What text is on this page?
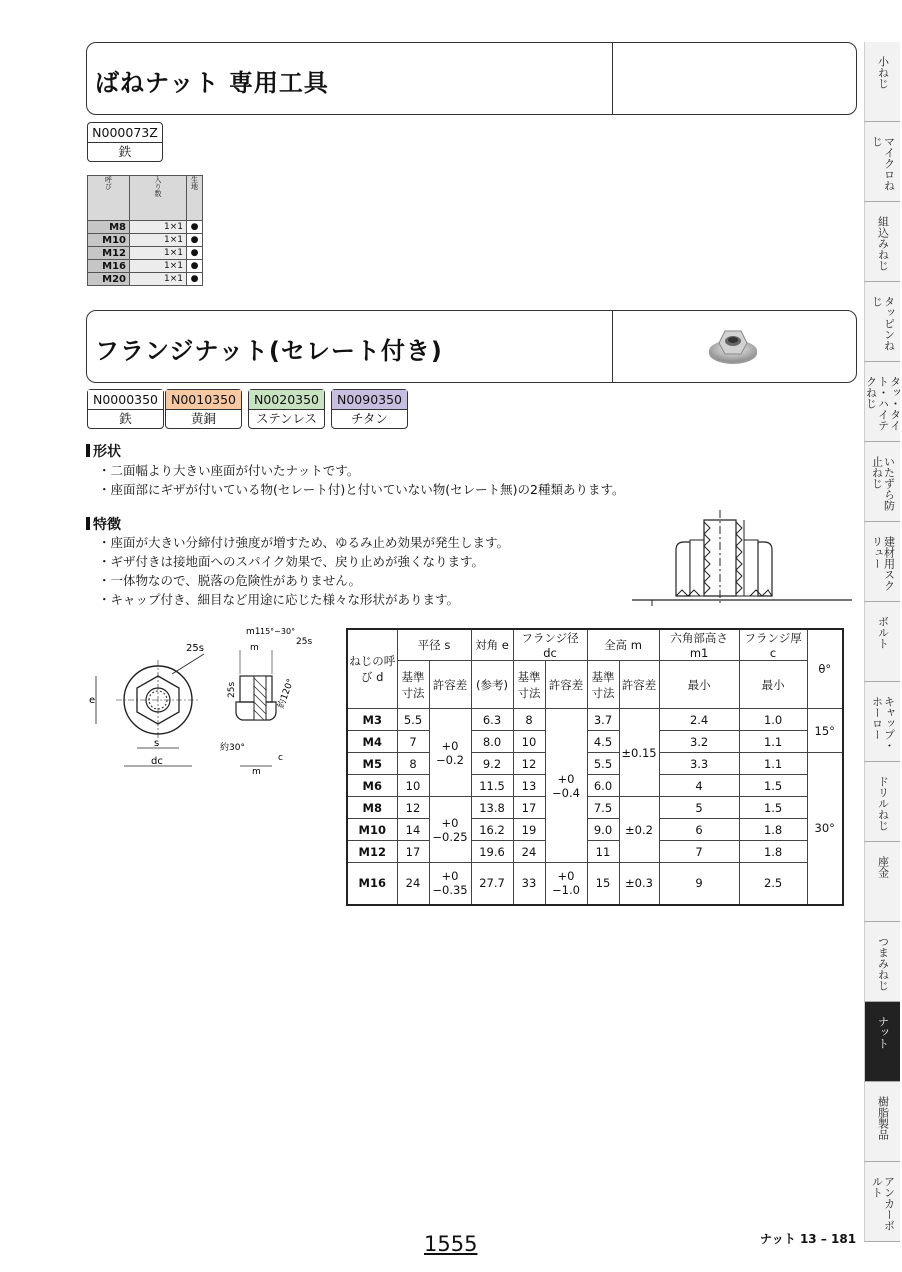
小ねじ
マイクロねじ
組込みねじ
タッピンねじ
タッ・タイト・ハイテクねじ
いたずら防止ねじ
建材用スクリュー
ボルト
キャップ・ホーロー
ドリルねじ
座金
つまみねじ
ナット
樹脂製品
アンカーボルト
ばねナット 専用工具
N000073Z
鉄
呼び	入り数	生地
M8	1×1	●
M10	1×1	●
M12	1×1	●
M16	1×1	●
M20	1×1	●
フランジナット(セレート付き)
N0000350
鉄
N0010350
黄銅
N0020350
ステンレス
N0090350
チタン
形状
・二面幅より大きい座面が付いたナットです。
・座面部にギザが付いている物(セレート付)と付いていない物(セレート無)の2種類あります。
特徴
・座面が大きい分締付け強度が増すため、ゆるみ止め効果が発生します。
・ギザ付きは接地面へのスパイク効果で、戻り止めが強くなります。
・一体物なので、脱落の危険性がありません。
・キャップ付き、細目など用途に応じた様々な形状があります。
e
s
dc
25s
m1 15°~30°
m
25s
25s	約120°
約30°
m
c
ねじの呼び d	平径 s		対角 e	フランジ径 dc		全高 m		六角部高さ m1	フランジ厚 c	θ°
	基準寸法	許容差	(参考)	基準寸法	許容差	基準寸法	許容差	最小	最小	
M3	5.5	+0
−0.2	6.3	8	+0
−0.4	3.7	±0.15	2.4	1.0	15°
M4	7		8.0	10		4.5		3.2	1.1	
M5	8		9.2	12		5.5		3.3	1.1	30°
M6	10		11.5	13		6.0		4	1.5	
M8	12	+0
−0.25	13.8	17		7.5	±0.2	5	1.5	
M10	14		16.2	19		9.0		6	1.8	
M12	17		19.6	24		11		7	1.8	
M16	24	+0
−0.35	27.7	33	+0
−1.0	15	±0.3	9	2.5	
1555	ナット 13 – 181
